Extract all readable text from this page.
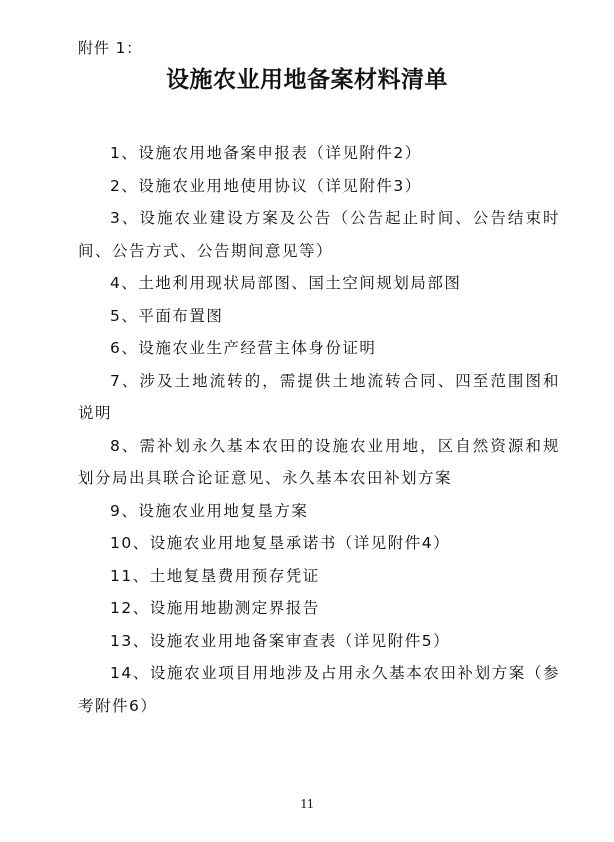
附件 1：
设施农业用地备案材料清单
1、设施农用地备案申报表（详见附件2）
2、设施农业用地使用协议（详见附件3）
3、设施农业建设方案及公告（公告起止时间、公告结束时间、公告方式、公告期间意见等）
4、土地利用现状局部图、国土空间规划局部图
5、平面布置图
6、设施农业生产经营主体身份证明
7、涉及土地流转的，需提供土地流转合同、四至范围图和说明
8、需补划永久基本农田的设施农业用地，区自然资源和规划分局出具联合论证意见、永久基本农田补划方案
9、设施农业用地复垦方案
10、设施农业用地复垦承诺书（详见附件4）
11、土地复垦费用预存凭证
12、设施用地勘测定界报告
13、设施农业用地备案审查表（详见附件5）
14、设施农业项目用地涉及占用永久基本农田补划方案（参考附件6）
11
